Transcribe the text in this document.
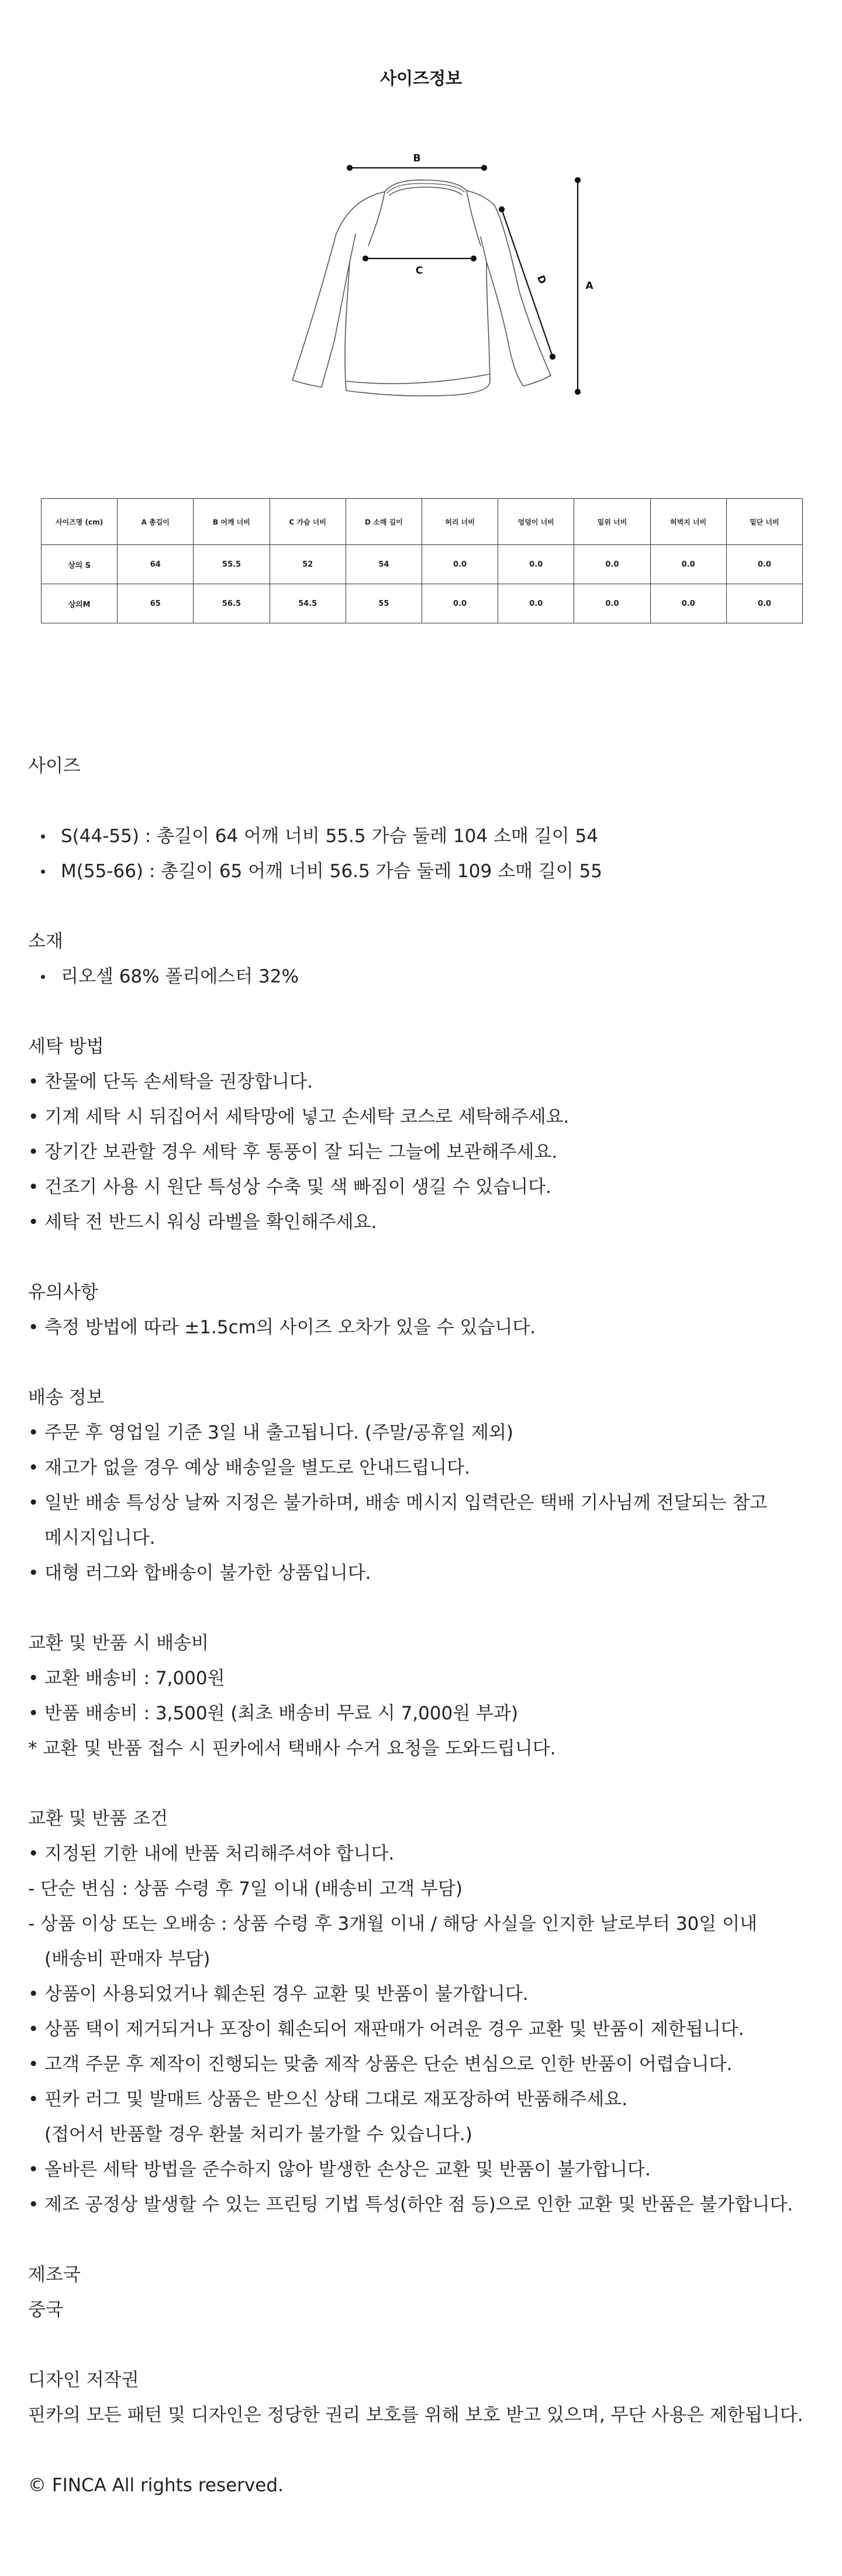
사이즈정보
B
C
D
A
사이즈명 (cm)	A 총길이	B 어깨 너비	C 가슴 너비	D 소매 길이	허리 너비	엉덩이 너비	밑위 너비	허벅지 너비	밑단 너비
상의 S	64	55.5	52	54	0.0	0.0	0.0	0.0	0.0
상의M	65	56.5	54.5	55	0.0	0.0	0.0	0.0	0.0

사이즈

S(44-55) : 총길이 64 어깨 너비 55.5 가슴 둘레 104 소매 길이 54
M(55-66) : 총길이 65 어깨 너비 56.5 가슴 둘레 109 소매 길이 55

소재

리오셀 68% 폴리에스터 32%

세탁 방법

• 찬물에 단독 손세탁을 권장합니다.

• 기계 세탁 시 뒤집어서 세탁망에 넣고 손세탁 코스로 세탁해주세요.

• 장기간 보관할 경우 세탁 후 통풍이 잘 되는 그늘에 보관해주세요.

• 건조기 사용 시 원단 특성상 수축 및 색 빠짐이 생길 수 있습니다.

• 세탁 전 반드시 워싱 라벨을 확인해주세요.

유의사항

• 측정 방법에 따라 ±1.5cm의 사이즈 오차가 있을 수 있습니다.

배송 정보

• 주문 후 영업일 기준 3일 내 출고됩니다. (주말/공휴일 제외)

• 재고가 없을 경우 예상 배송일을 별도로 안내드립니다.

• 일반 배송 특성상 날짜 지정은 불가하며, 배송 메시지 입력란은 택배 기사님께 전달되는 참고

메시지입니다.

• 대형 러그와 합배송이 불가한 상품입니다.

교환 및 반품 시 배송비

• 교환 배송비 : 7,000원

• 반품 배송비 : 3,500원 (최초 배송비 무료 시 7,000원 부과)

* 교환 및 반품 접수 시 핀카에서 택배사 수거 요청을 도와드립니다.

교환 및 반품 조건

• 지정된 기한 내에 반품 처리해주셔야 합니다.

- 단순 변심 : 상품 수령 후 7일 이내 (배송비 고객 부담)

- 상품 이상 또는 오배송 : 상품 수령 후 3개월 이내 / 해당 사실을 인지한 날로부터 30일 이내

(배송비 판매자 부담)

• 상품이 사용되었거나 훼손된 경우 교환 및 반품이 불가합니다.

• 상품 택이 제거되거나 포장이 훼손되어 재판매가 어려운 경우 교환 및 반품이 제한됩니다.

• 고객 주문 후 제작이 진행되는 맞춤 제작 상품은 단순 변심으로 인한 반품이 어렵습니다.

• 핀카 러그 및 발매트 상품은 받으신 상태 그대로 재포장하여 반품해주세요.

(접어서 반품할 경우 환불 처리가 불가할 수 있습니다.)

• 올바른 세탁 방법을 준수하지 않아 발생한 손상은 교환 및 반품이 불가합니다.

• 제조 공정상 발생할 수 있는 프린팅 기법 특성(하얀 점 등)으로 인한 교환 및 반품은 불가합니다.

제조국

중국

디자인 저작권

핀카의 모든 패턴 및 디자인은 정당한 권리 보호를 위해 보호 받고 있으며, 무단 사용은 제한됩니다.

© FINCA All rights reserved.
